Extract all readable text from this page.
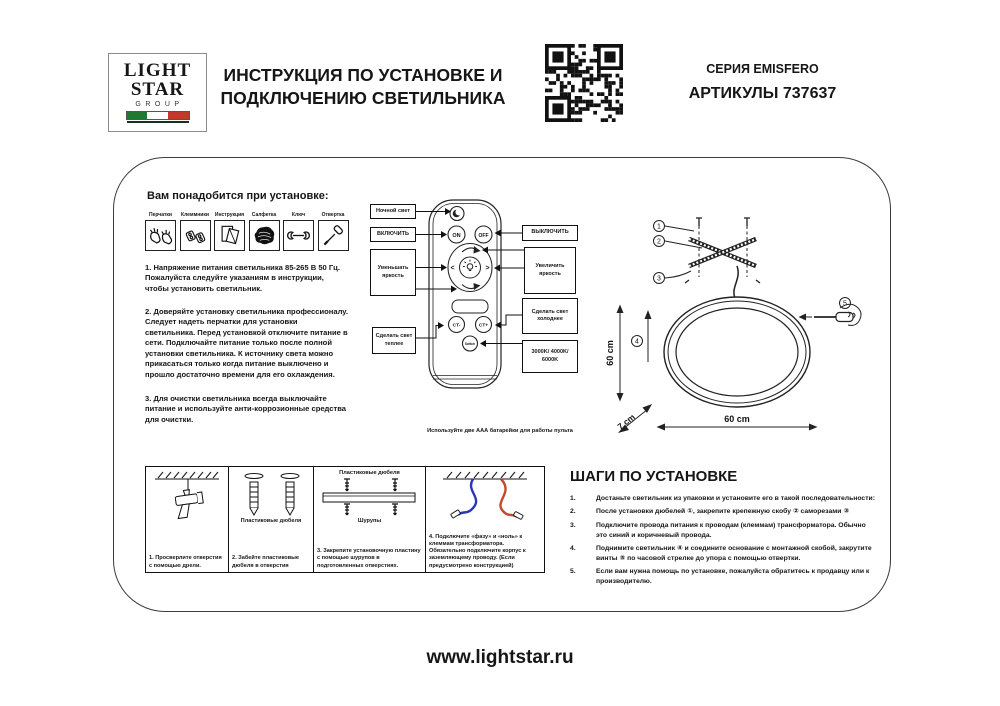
LIGHT
STAR
GROUP
ИНСТРУКЦИЯ ПО УСТАНОВКЕ И
ПОДКЛЮЧЕНИЮ СВЕТИЛЬНИКА
СЕРИЯ EMISFERO
АРТИКУЛЫ 737637
Вам понадобится при установке:
Перчатки Клеммники Инструкция Салфетка	Ключ	Отвертка
1. Напряжение питания светильника 85-265 В 50 Гц. Пожалуйста следуйте указаниям в инструкции, чтобы установить светильник.
2. Доверяйте установку светильника профессионалу. Следует надеть перчатки для установки светильника. Перед установкой отключите питание в сети. Подключайте питание только после полной установки светильника. К источнику света можно прикасаться только когда питание выключено и прошло достаточно времени для его охлаждения.
3. Для очистки светильника всегда выключайте питание и используйте анти-коррозионные средства для очистки.
ON	OFF
<	>
CT-	CT+
Switch
Ночной свет
ВКЛЮЧИТЬ
Уменьшать яркость
Сделать свет теплее
ВЫКЛЮЧИТЬ
Увеличить яркость
Сделать свет холоднее
3000K/ 4000K/ 6000K
Используйте две ААА батарейки для работы пульта
1
2
3
4
5
60 cm
7 cm	60 cm
1. Просверлите отверстия с помощью дрели.
Пластиковые дюбеля
2. Забейте пластиковые дюбеля в отверстия
Пластиковые дюбеля
Шурупы
3. Закрепите установочную пластину с помощью шурупов в подготовленных отверстиях.
4. Подключите «фазу» и «ноль» к клеммам трансформатора. Обязательно подключите корпус к заземляющему проводу. (Если предусмотрено конструкцией)
ШАГИ ПО УСТАНОВКЕ
1.	Достаньте светильник из упаковки и установите его в такой последовательности:
2.	После установки дюбелей ①, закрепите крепежную скобу ② саморезами ③
3.	Подключите провода питания к проводам (клеммам) трансформатора. Обычно это синий и коричневый провода.
4.	Поднимите светильник ④ и соедините основание с монтажной скобой, закрутите винты ⑤ по часовой стрелке до упора с помощью отвертки.
5.	Если вам нужна помощь по установке, пожалуйста обратитесь к продавцу или к производителю.
www.lightstar.ru
